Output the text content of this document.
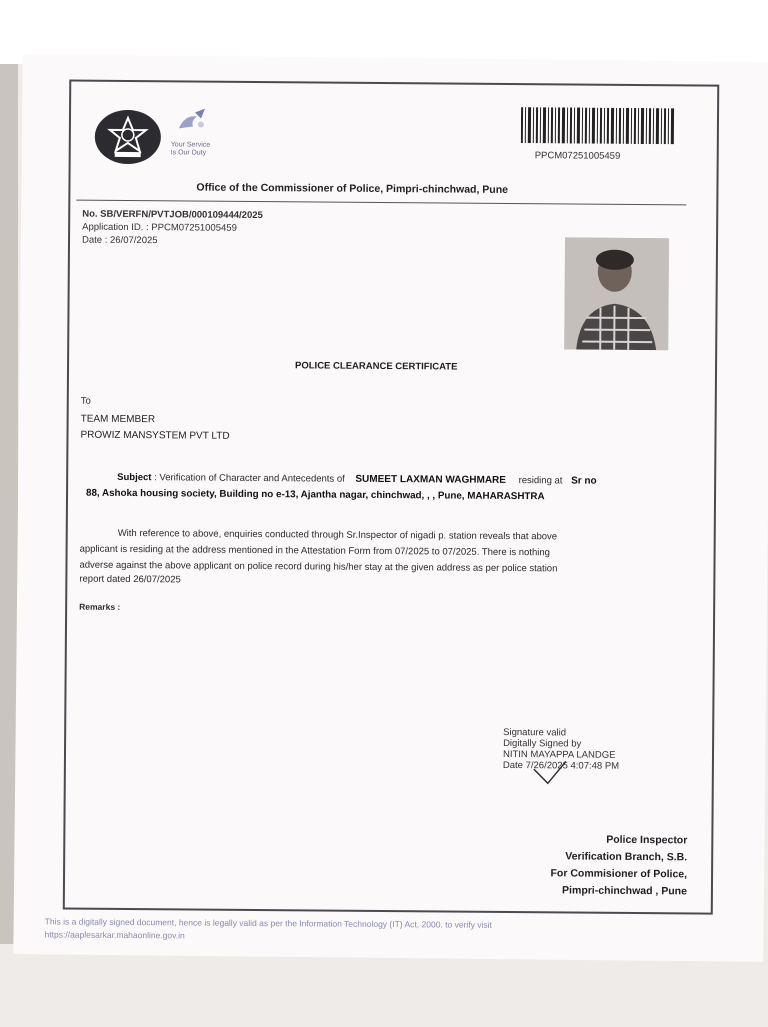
Your Service
Is Our Duty	PPCM07251005459
Office of the Commissioner of Police, Pimpri-chinchwad, Pune
No. SB/VERFN/PVTJOB/000109444/2025
Application ID. : PPCM07251005459
Date : 26/07/2025
POLICE CLEARANCE CERTIFICATE
To
TEAM MEMBER
PROWIZ MANSYSTEM PVT LTD
Subject : Verification of Character and Antecedents of SUMEET LAXMAN WAGHMARE residing at Sr no
88, Ashoka housing society, Building no e-13, Ajantha nagar, chinchwad, , , Pune, MAHARASHTRA
With reference to above, enquiries conducted through Sr.Inspector of nigadi p. station reveals that above
applicant is residing at the address mentioned in the Attestation Form from 07/2025 to 07/2025. There is nothing
adverse against the above applicant on police record during his/her stay at the given address as per police station
report dated 26/07/2025
Remarks :
Signature valid
Digitally Signed by
NITIN MAYAPPA LANDGE
Date 7/26/2025 4:07:48 PM
Police Inspector
Verification Branch, S.B.
For Commisioner of Police,
Pimpri-chinchwad , Pune
This is a digitally signed document, hence is legally valid as per the Information Technology (IT) Act, 2000. to verify visit
https://aaplesarkar.mahaonline.gov.in
